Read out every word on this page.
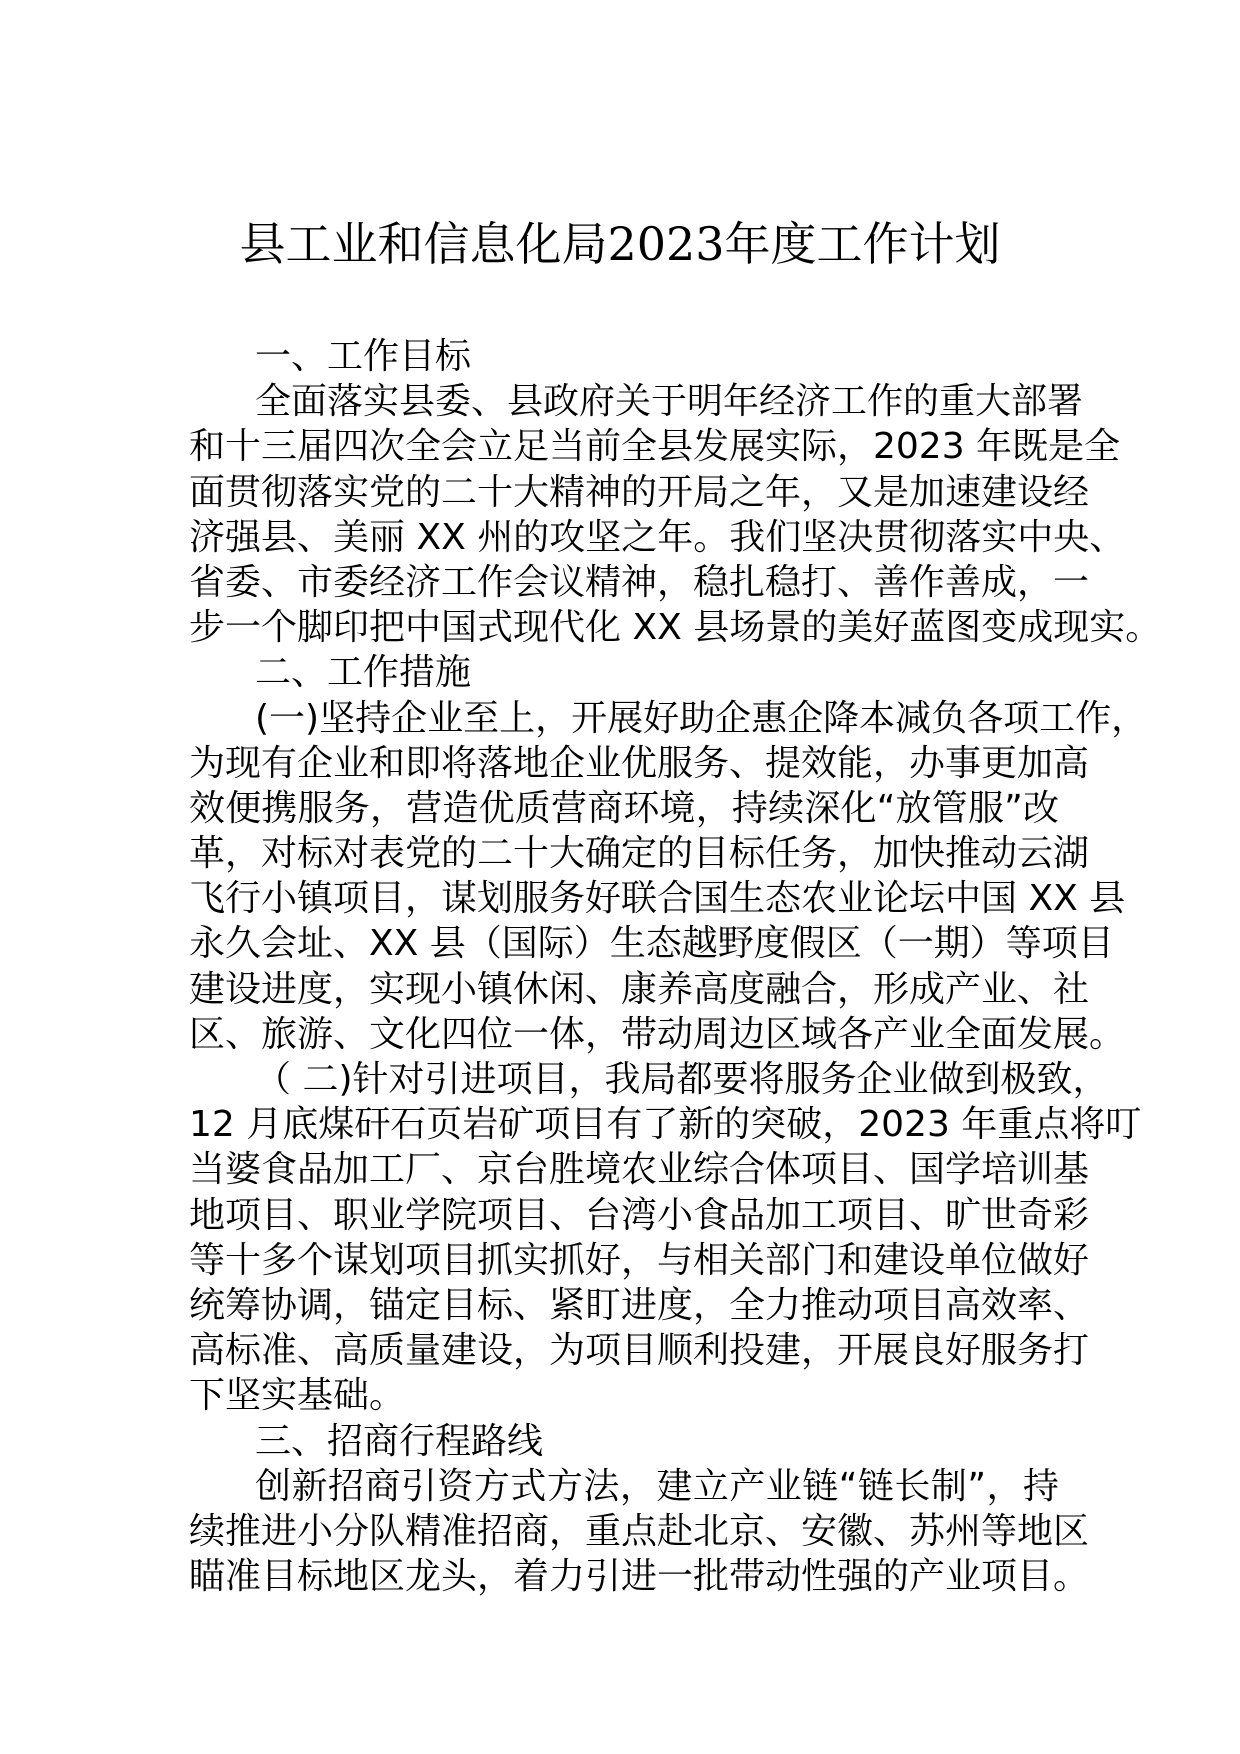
县工业和信息化局2023年度工作计划
一、工作目标
全面落实县委、县政府关于明年经济工作的重大部署
和十三届四次全会立足当前全县发展实际，2023 年既是全
面贯彻落实党的二十大精神的开局之年，又是加速建设经
济强县、美丽 XX 州的攻坚之年。我们坚决贯彻落实中央、
省委、市委经济工作会议精神，稳扎稳打、善作善成，一
步一个脚印把中国式现代化 XX 县场景的美好蓝图变成现实。
二、工作措施
(一)坚持企业至上，开展好助企惠企降本减负各项工作，
为现有企业和即将落地企业优服务、提效能，办事更加高
效便携服务，营造优质营商环境，持续深化“放管服”改
革，对标对表党的二十大确定的目标任务，加快推动云湖
飞行小镇项目，谋划服务好联合国生态农业论坛中国 XX 县
永久会址、XX 县（国际）生态越野度假区（一期）等项目
建设进度，实现小镇休闲、康养高度融合，形成产业、社
区、旅游、文化四位一体，带动周边区域各产业全面发展。
（ 二)针对引进项目，我局都要将服务企业做到极致，
12 月底煤矸石页岩矿项目有了新的突破，2023 年重点将叮
当婆食品加工厂、京台胜境农业综合体项目、国学培训基
地项目、职业学院项目、台湾小食品加工项目、旷世奇彩
等十多个谋划项目抓实抓好，与相关部门和建设单位做好
统筹协调，锚定目标、紧盯进度，全力推动项目高效率、
高标准、高质量建设，为项目顺利投建，开展良好服务打
下坚实基础。
三、招商行程路线
创新招商引资方式方法，建立产业链“链长制”，持
续推进小分队精准招商，重点赴北京、安徽、苏州等地区
瞄准目标地区龙头，着力引进一批带动性强的产业项目。
